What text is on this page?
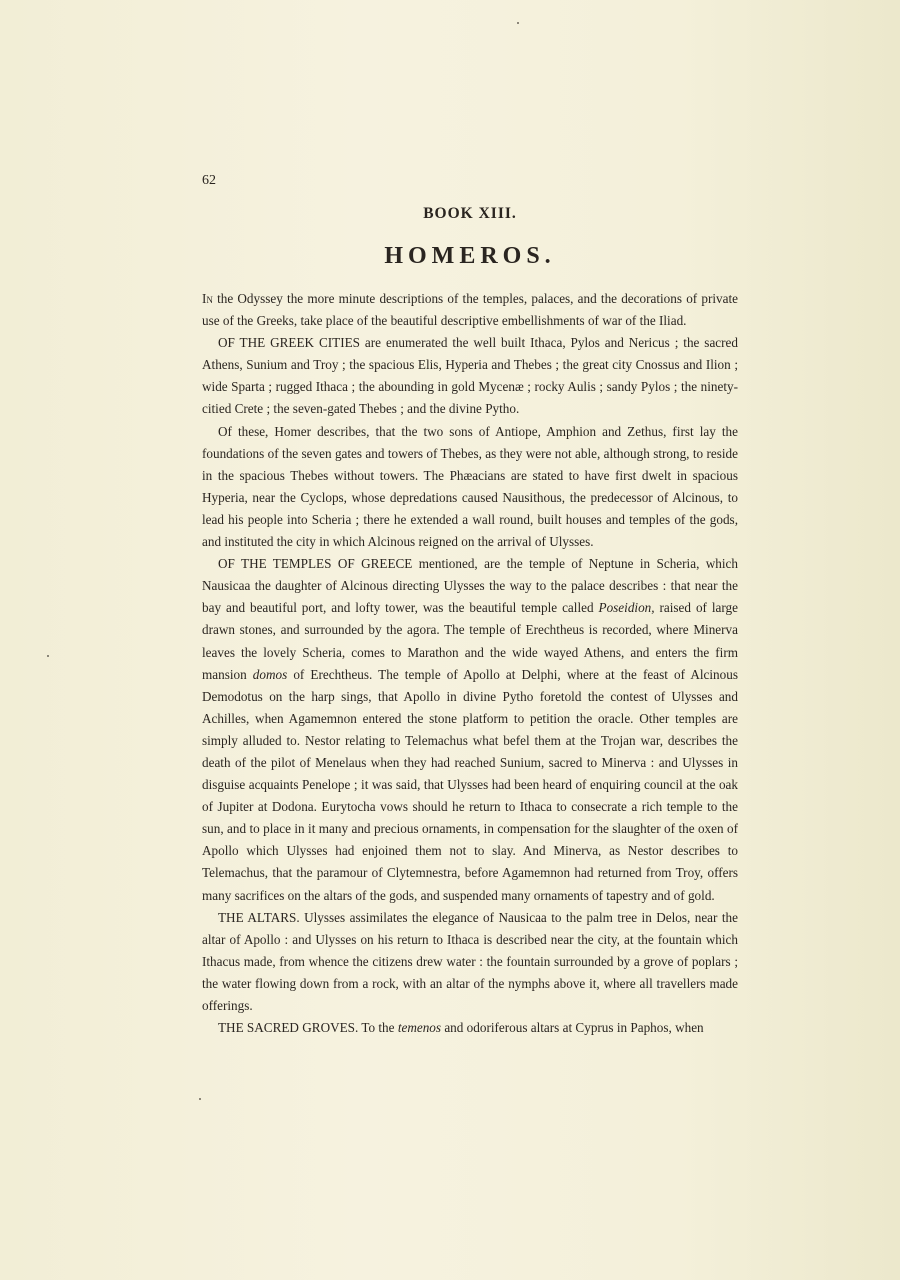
62

BOOK XIII.
HOMEROS.

In the Odyssey the more minute descriptions of the temples, palaces, and the decorations of private use of the Greeks, take place of the beautiful descriptive embellishments of war of the Iliad.

OF THE GREEK CITIES are enumerated the well built Ithaca, Pylos and Nericus ; the sacred Athens, Sunium and Troy ; the spacious Elis, Hyperia and Thebes ; the great city Cnossus and Ilion ; wide Sparta ; rugged Ithaca ; the abounding in gold Mycenæ ; rocky Aulis ; sandy Pylos ; the ninety-citied Crete ; the seven-gated Thebes ; and the divine Pytho.

Of these, Homer describes, that the two sons of Antiope, Amphion and Zethus, first lay the foundations of the seven gates and towers of Thebes, as they were not able, although strong, to reside in the spacious Thebes without towers. The Phæacians are stated to have first dwelt in spacious Hyperia, near the Cyclops, whose depredations caused Nausithous, the predecessor of Alcinous, to lead his people into Scheria ; there he extended a wall round, built houses and temples of the gods, and instituted the city in which Alcinous reigned on the arrival of Ulysses.

OF THE TEMPLES OF GREECE mentioned, are the temple of Neptune in Scheria, which Nausicaa the daughter of Alcinous directing Ulysses the way to the palace describes : that near the bay and beautiful port, and lofty tower, was the beautiful temple called Poseidion, raised of large drawn stones, and surrounded by the agora. The temple of Erechtheus is recorded, where Minerva leaves the lovely Scheria, comes to Marathon and the wide wayed Athens, and enters the firm mansion domos of Erechtheus. The temple of Apollo at Delphi, where at the feast of Alcinous Demodotus on the harp sings, that Apollo in divine Pytho foretold the contest of Ulysses and Achilles, when Agamemnon entered the stone platform to petition the oracle. Other temples are simply alluded to. Nestor relating to Telemachus what befel them at the Trojan war, describes the death of the pilot of Menelaus when they had reached Sunium, sacred to Minerva : and Ulysses in disguise acquaints Penelope ; it was said, that Ulysses had been heard of enquiring council at the oak of Jupiter at Dodona. Eurytocha vows should he return to Ithaca to consecrate a rich temple to the sun, and to place in it many and precious ornaments, in compensation for the slaughter of the oxen of Apollo which Ulysses had enjoined them not to slay. And Minerva, as Nestor describes to Telemachus, that the paramour of Clytemnestra, before Agamemnon had returned from Troy, offers many sacrifices on the altars of the gods, and suspended many ornaments of tapestry and of gold.

THE ALTARS. Ulysses assimilates the elegance of Nausicaa to the palm tree in Delos, near the altar of Apollo : and Ulysses on his return to Ithaca is described near the city, at the fountain which Ithacus made, from whence the citizens drew water : the fountain surrounded by a grove of poplars ; the water flowing down from a rock, with an altar of the nymphs above it, where all travellers made offerings.

THE SACRED GROVES. To the temenos and odoriferous altars at Cyprus in Paphos, when
